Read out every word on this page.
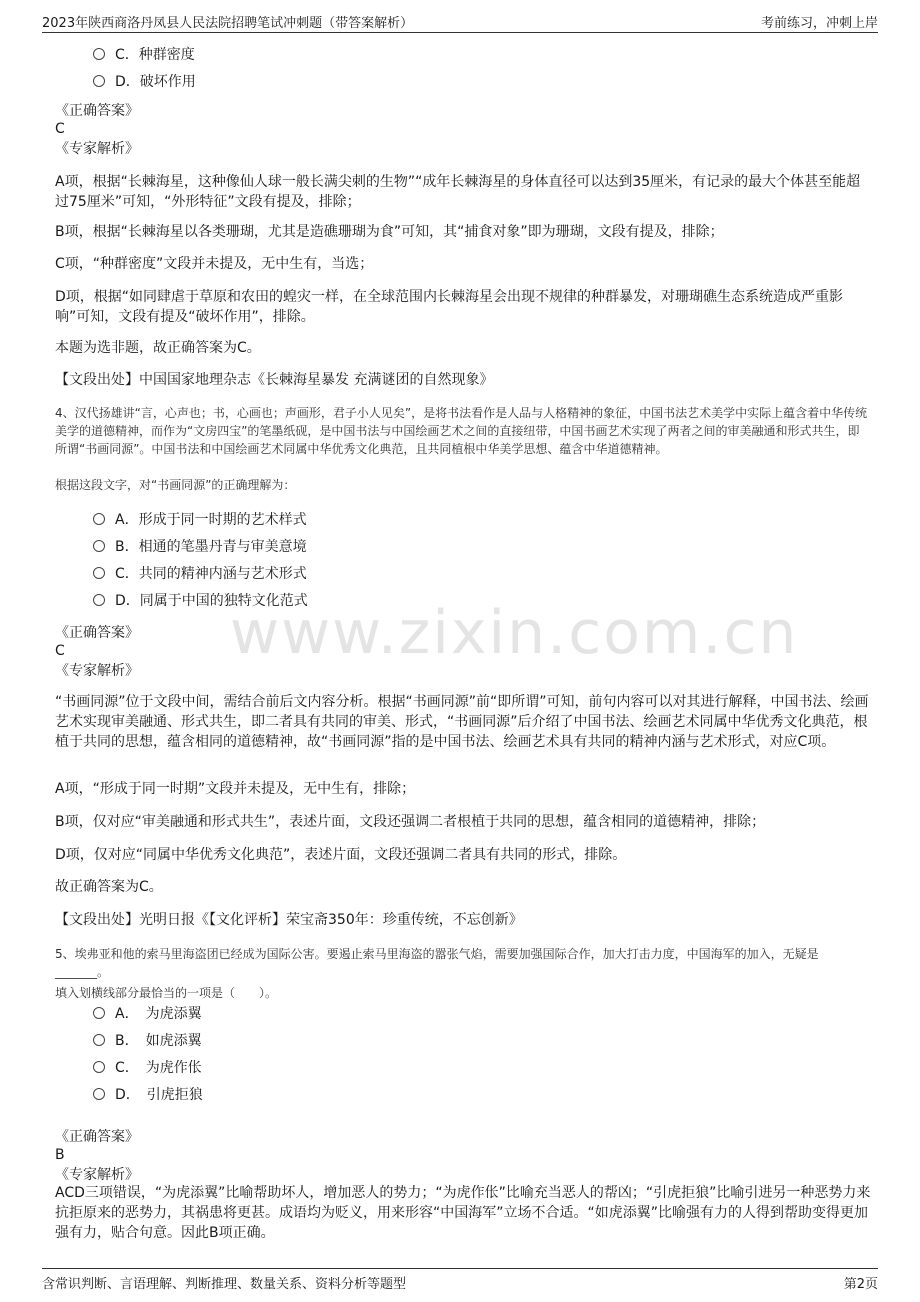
2023年陕西商洛丹凤县人民法院招聘笔试冲刺题（带答案解析）	考前练习，冲刺上岸
www.zixin.com.cn
C．种群密度
D．破坏作用
《正确答案》
C
《专家解析》
A项，根据“长棘海星，这种像仙人球一般长满尖刺的生物”“成年长棘海星的身体直径可以达到35厘米，有记录的最大个体甚至能超过75厘米”可知，“外形特征”文段有提及，排除；
B项，根据“长棘海星以各类珊瑚，尤其是造礁珊瑚为食”可知，其“捕食对象”即为珊瑚，文段有提及，排除；
C项，“种群密度”文段并未提及，无中生有，当选；
D项，根据“如同肆虐于草原和农田的蝗灾一样，在全球范围内长棘海星会出现不规律的种群暴发，对珊瑚礁生态系统造成严重影响”可知，文段有提及“破坏作用”，排除。
本题为选非题，故正确答案为C。
【文段出处】中国国家地理杂志《长棘海星暴发 充满谜团的自然现象》
4、汉代扬雄讲“言，心声也；书，心画也；声画形，君子小人见矣”，是将书法看作是人品与人格精神的象征，中国书法艺术美学中实际上蕴含着中华传统美学的道德精神，而作为“文房四宝”的笔墨纸砚，是中国书法与中国绘画艺术之间的直接纽带，中国书画艺术实现了两者之间的审美融通和形式共生，即所谓“书画同源”。中国书法和中国绘画艺术同属中华优秀文化典范，且共同植根中华美学思想、蕴含中华道德精神。
根据这段文字，对“书画同源”的正确理解为：
A．形成于同一时期的艺术样式
B．相通的笔墨丹青与审美意境
C．共同的精神内涵与艺术形式
D．同属于中国的独特文化范式
《正确答案》
C
《专家解析》
“书画同源”位于文段中间，需结合前后文内容分析。根据“书画同源”前“即所谓”可知，前句内容可以对其进行解释，中国书法、绘画艺术实现审美融通、形式共生，即二者具有共同的审美、形式，“书画同源”后介绍了中国书法、绘画艺术同属中华优秀文化典范，根植于共同的思想，蕴含相同的道德精神，故“书画同源”指的是中国书法、绘画艺术具有共同的精神内涵与艺术形式，对应C项。
A项，“形成于同一时期”文段并未提及，无中生有，排除；
B项，仅对应“审美融通和形式共生”，表述片面，文段还强调二者根植于共同的思想，蕴含相同的道德精神，排除；
D项，仅对应“同属中华优秀文化典范”，表述片面，文段还强调二者具有共同的形式，排除。
故正确答案为C。
【文段出处】光明日报《【文化评析】荣宝斋350年：珍重传统，不忘创新》
5、埃弗亚和他的索马里海盗团已经成为国际公害。要遏止索马里海盗的嚣张气焰，需要加强国际合作，加大打击力度，中国海军的加入，无疑是_______。
填入划横线部分最恰当的一项是（　　）。
A．　为虎添翼
B．　如虎添翼
C．　为虎作伥
D．　引虎拒狼
《正确答案》
B
《专家解析》
ACD三项错误，“为虎添翼”比喻帮助坏人，增加恶人的势力；“为虎作伥”比喻充当恶人的帮凶；“引虎拒狼”比喻引进另一种恶势力来抗拒原来的恶势力，其祸患将更甚。成语均为贬义，用来形容“中国海军”立场不合适。“如虎添翼”比喻强有力的人得到帮助变得更加强有力，贴合句意。因此B项正确。
含常识判断、言语理解、判断推理、数量关系、资料分析等题型	第2页
